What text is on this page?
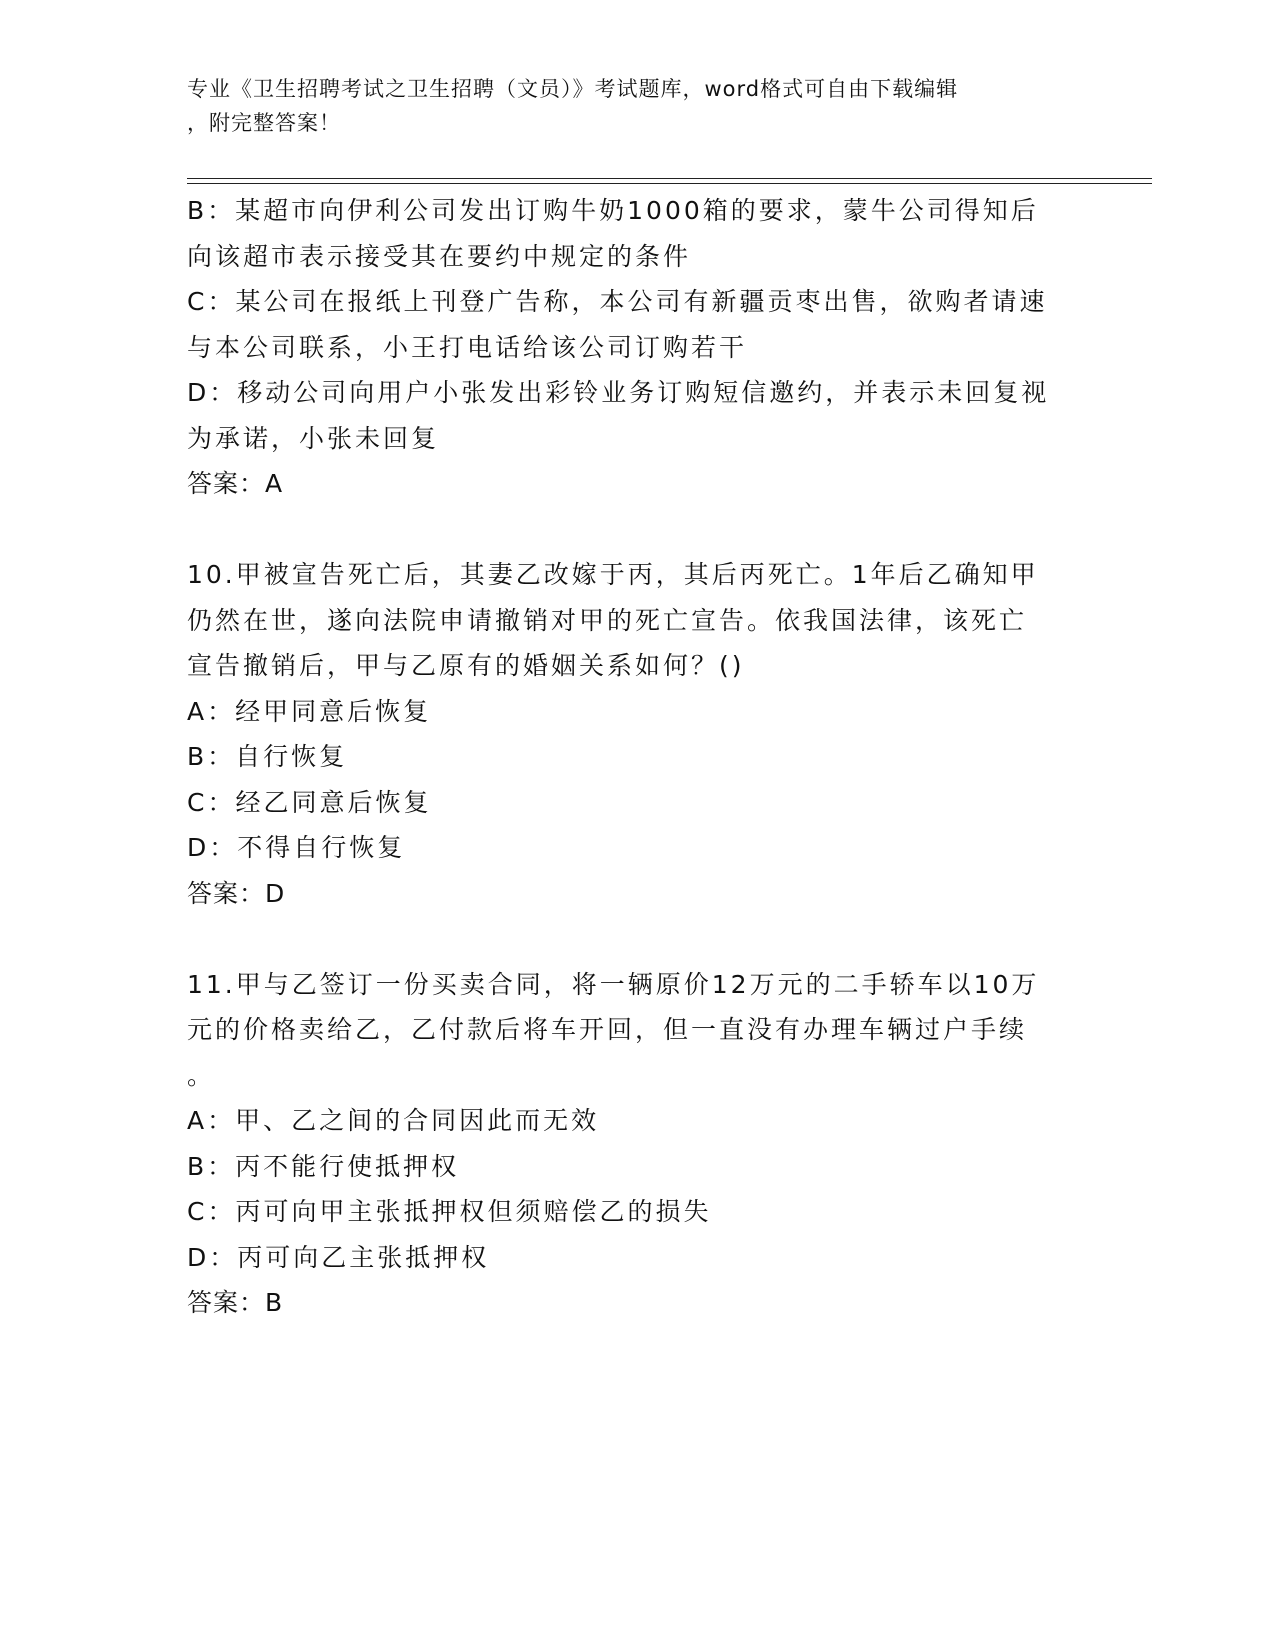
专业《卫生招聘考试之卫生招聘（文员）》考试题库，word格式可自由下载编辑
，附完整答案！
B：某超市向伊利公司发出订购牛奶1000箱的要求，蒙牛公司得知后
向该超市表示接受其在要约中规定的条件
C：某公司在报纸上刊登广告称，本公司有新疆贡枣出售，欲购者请速
与本公司联系，小王打电话给该公司订购若干
D：移动公司向用户小张发出彩铃业务订购短信邀约，并表示未回复视
为承诺，小张未回复
答案：A
10.甲被宣告死亡后，其妻乙改嫁于丙，其后丙死亡。1年后乙确知甲
仍然在世，遂向法院申请撤销对甲的死亡宣告。依我国法律，该死亡
宣告撤销后，甲与乙原有的婚姻关系如何？()
A：经甲同意后恢复
B：自行恢复
C：经乙同意后恢复
D：不得自行恢复
答案：D
11.甲与乙签订一份买卖合同，将一辆原价12万元的二手轿车以10万
元的价格卖给乙，乙付款后将车开回，但一直没有办理车辆过户手续
。
A：甲、乙之间的合同因此而无效
B：丙不能行使抵押权
C：丙可向甲主张抵押权但须赔偿乙的损失
D：丙可向乙主张抵押权
答案：B
